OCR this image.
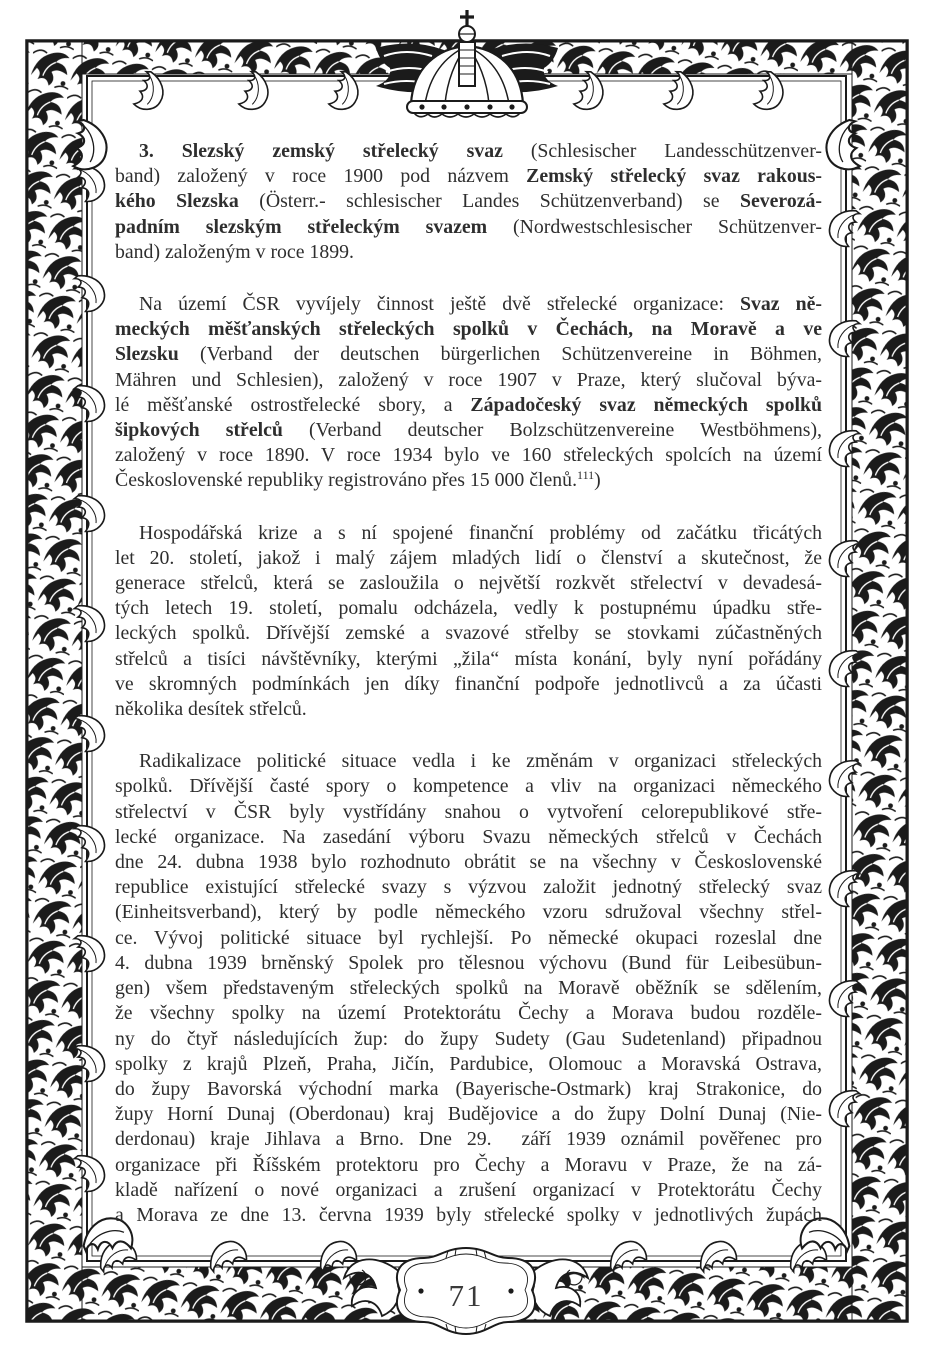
71
3. Slezský zemský střelecký svaz (Schlesischer Landesschützenver-
band) založený v roce 1900 pod názvem Zemský střelecký svaz rakous-
kého Slezska (Österr.- schlesischer Landes Schützenverband) se Severozá-
padním slezským střeleckým svazem (Nordwestschlesischer Schützenver-
band) založeným v roce 1899.
Na území ČSR vyvíjely činnost ještě dvě střelecké organizace: Svaz ně-
meckých měšťanských střeleckých spolků v Čechách, na Moravě a ve
Slezsku (Verband der deutschen bürgerlichen Schützenvereine in Böhmen,
Mähren und Schlesien), založený v roce 1907 v Praze, který slučoval býva-
lé měšťanské ostrostřelecké sbory, a Západočeský svaz německých spolků
šipkových střelců (Verband deutscher Bolzschützenvereine Westböhmens),
založený v roce 1890. V roce 1934 bylo ve 160 střeleckých spolcích na území
Československé republiky registrováno přes 15 000 členů.$^{111}$)
Hospodářská krize a s ní spojené finanční problémy od začátku třicátých
let 20. století, jakož i malý zájem mladých lidí o členství a skutečnost, že
generace střelců, která se zasloužila o největší rozkvět střelectví v devadesá-
tých letech 19. století, pomalu odcházela, vedly k postupnému úpadku stře-
leckých spolků. Dřívější zemské a svazové střelby se stovkami zúčastněných
střelců a tisíci návštěvníky, kterými „žila“ místa konání, byly nyní pořádány
ve skromných podmínkách jen díky finanční podpoře jednotlivců a za účasti
několika desítek střelců.
Radikalizace politické situace vedla i ke změnám v organizaci střeleckých
spolků. Dřívější časté spory o kompetence a vliv na organizaci německého
střelectví v ČSR byly vystřídány snahou o vytvoření celorepublikové stře-
lecké organizace. Na zasedání výboru Svazu německých střelců v Čechách
dne 24. dubna 1938 bylo rozhodnuto obrátit se na všechny v Československé
republice existující střelecké svazy s výzvou založit jednotný střelecký svaz
(Einheitsverband), který by podle německého vzoru sdružoval všechny střel-
ce. Vývoj politické situace byl rychlejší. Po německé okupaci rozeslal dne
4. dubna 1939 brněnský Spolek pro tělesnou výchovu (Bund für Leibesübun-
gen) všem představeným střeleckých spolků na Moravě oběžník se sdělením,
že všechny spolky na území Protektorátu Čechy a Morava budou rozděle-
ny do čtyř následujících žup: do župy Sudety (Gau Sudetenland) připadnou
spolky z krajů Plzeň, Praha, Jičín, Pardubice, Olomouc a Moravská Ostrava,
do župy Bavorská východní marka (Bayerische-Ostmark) kraj Strakonice, do
župy Horní Dunaj (Oberdonau) kraj Budějovice a do župy Dolní Dunaj (Nie-
derdonau) kraje Jihlava a Brno. Dne 29.  září 1939 oznámil pověřenec pro
organizace při Říšském protektoru pro Čechy a Moravu v Praze, že na zá-
kladě nařízení o nové organizaci a zrušení organizací v Protektorátu Čechy
a Morava ze dne 13. června 1939 byly střelecké spolky v jednotlivých župách
